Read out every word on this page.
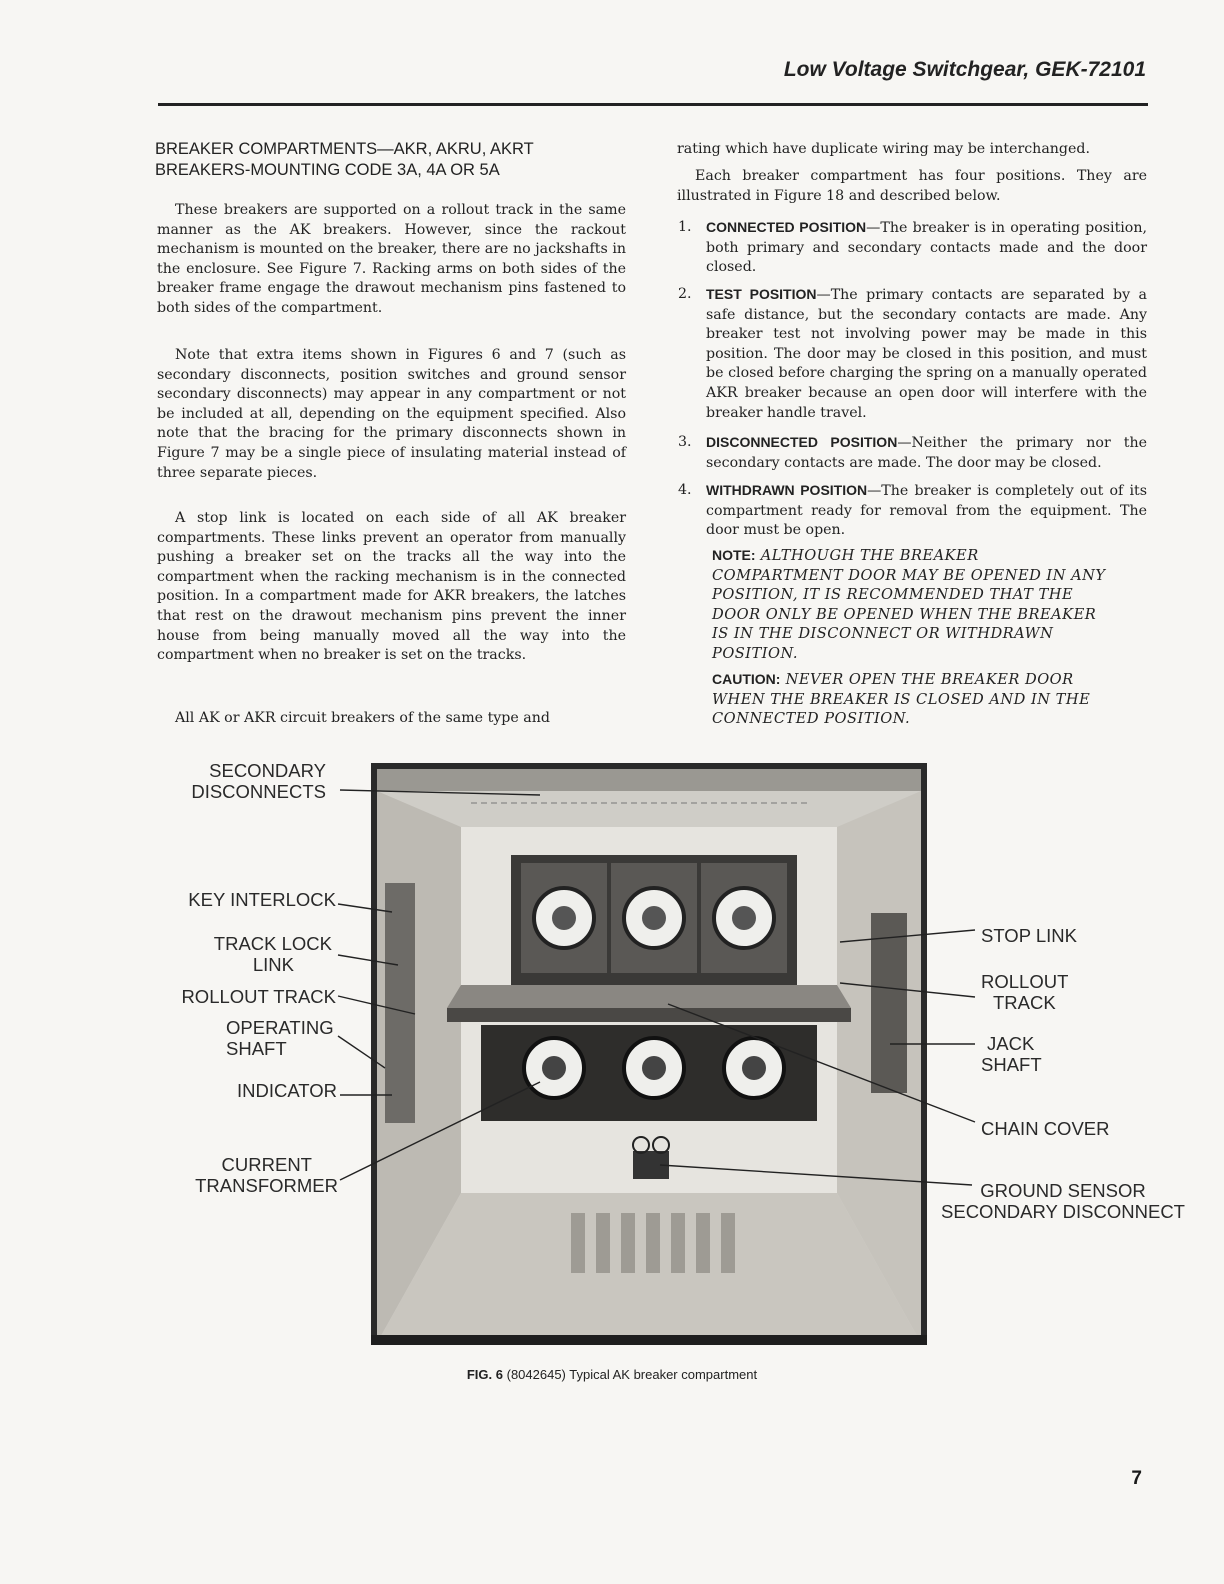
Low Voltage Switchgear, GEK-72101
BREAKER COMPARTMENTS—AKR, AKRU, AKRT
BREAKERS-MOUNTING CODE 3A, 4A OR 5A
These breakers are supported on a rollout track in the same manner as the AK breakers. However, since the rackout mechanism is mounted on the breaker, there are no jackshafts in the enclosure. See Figure 7. Racking arms on both sides of the breaker frame engage the drawout mechanism pins fastened to both sides of the compartment.
Note that extra items shown in Figures 6 and 7 (such as secondary disconnects, position switches and ground sensor secondary disconnects) may appear in any compartment or not be included at all, depending on the equipment specified. Also note that the bracing for the primary disconnects shown in Figure 7 may be a single piece of insulating material instead of three separate pieces.
A stop link is located on each side of all AK breaker compartments. These links prevent an operator from manually pushing a breaker set on the tracks all the way into the compartment when the racking mechanism is in the connected position. In a compartment made for AKR breakers, the latches that rest on the drawout mechanism pins prevent the inner house from being manually moved all the way into the compartment when no breaker is set on the tracks.
All AK or AKR circuit breakers of the same type and
rating which have duplicate wiring may be interchanged.
Each breaker compartment has four positions. They are illustrated in Figure 18 and described below.
1. CONNECTED POSITION—The breaker is in operating position, both primary and secondary contacts made and the door closed.
2. TEST POSITION—The primary contacts are separated by a safe distance, but the secondary contacts are made. Any breaker test not involving power may be made in this position. The door may be closed in this position, and must be closed before charging the spring on a manually operated AKR breaker because an open door will interfere with the breaker handle travel.
3. DISCONNECTED POSITION—Neither the primary nor the secondary contacts are made. The door may be closed.
4. WITHDRAWN POSITION—The breaker is completely out of its compartment ready for removal from the equipment. The door must be open.
NOTE: ALTHOUGH THE BREAKER COMPARTMENT DOOR MAY BE OPENED IN ANY POSITION, IT IS RECOMMENDED THAT THE DOOR ONLY BE OPENED WHEN THE BREAKER IS IN THE DISCONNECT OR WITHDRAWN POSITION.
CAUTION: NEVER OPEN THE BREAKER DOOR WHEN THE BREAKER IS CLOSED AND IN THE CONNECTED POSITION.
SECONDARY
DISCONNECTS
KEY INTERLOCK
TRACK LOCK
LINK
ROLLOUT TRACK
OPERATING
SHAFT
INDICATOR
CURRENT
TRANSFORMER
STOP LINK
ROLLOUT
TRACK
JACK
SHAFT
CHAIN COVER
GROUND SENSOR
SECONDARY DISCONNECT
FIG. 6 (8042645) Typical AK breaker compartment
7
